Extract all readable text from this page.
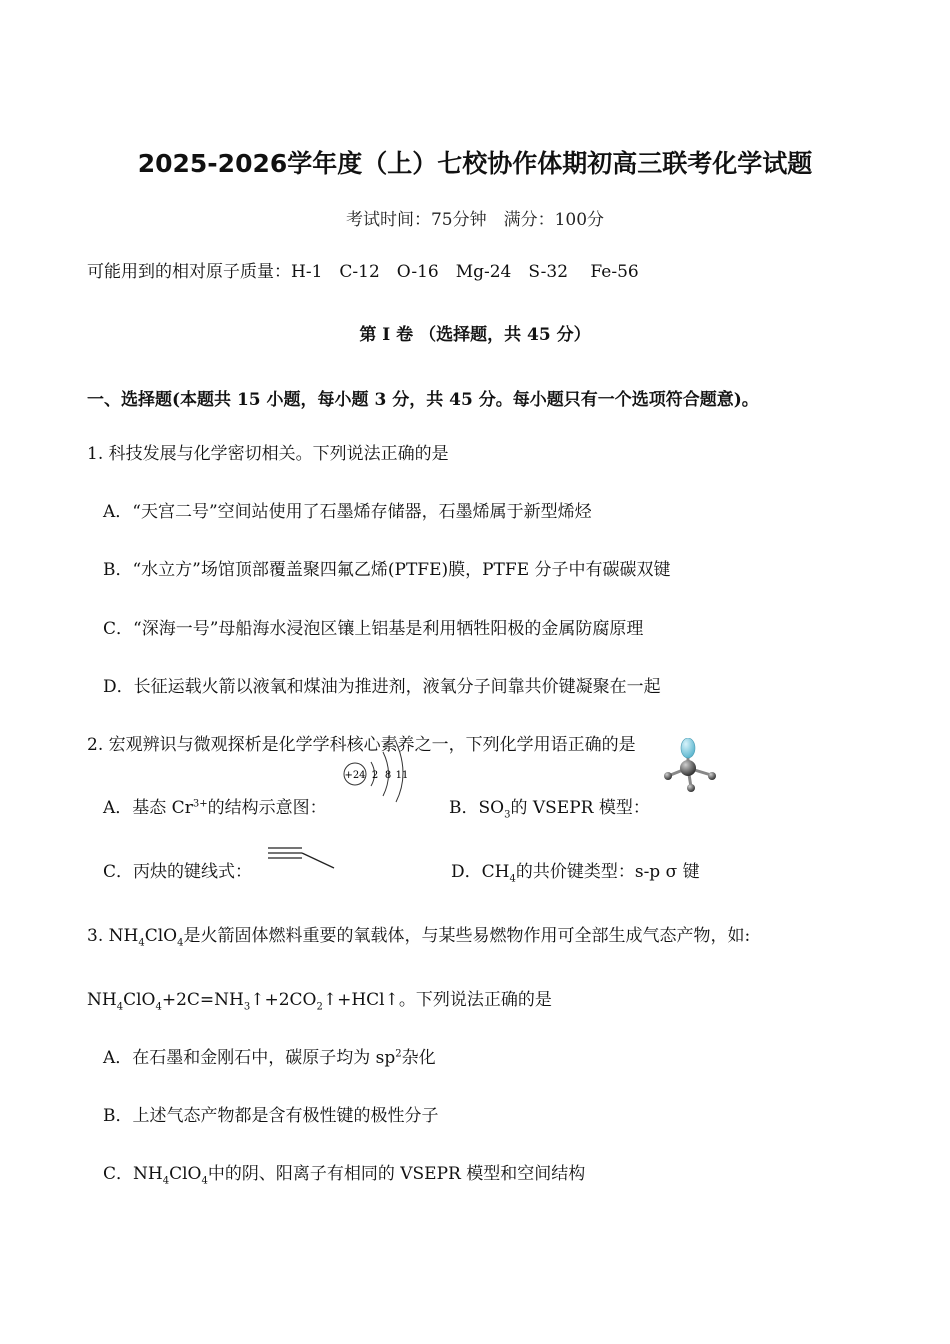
2025-2026学年度（上）七校协作体期初高三联考化学试题
考试时间：75分钟　满分：100分
可能用到的相对原子质量：H-1　C-12　O-16　Mg-24　S-32　 Fe-56
第 I 卷 （选择题，共 45 分）
一、选择题(本题共 15 小题，每小题 3 分，共 45 分。每小题只有一个选项符合题意)。
1. 科技发展与化学密切相关。下列说法正确的是
A．“天宫二号”空间站使用了石墨烯存储器，石墨烯属于新型烯烃
B．“水立方”场馆顶部覆盖聚四氟乙烯(PTFE)膜，PTFE 分子中有碳碳双键
C．“深海一号”母船海水浸泡区镶上铝基是利用牺牲阳极的金属防腐原理
D．长征运载火箭以液氧和煤油为推进剂，液氧分子间靠共价键凝聚在一起
2. 宏观辨识与微观探析是化学学科核心素养之一，下列化学用语正确的是
A．基态 $Cr^{3+}$的结构示意图：
+24 2 8 11
B．$SO_3$的 VSEPR 模型：
C．丙炔的键线式：	D．$CH_4$的共价键类型：s-p σ 键
3. $NH_4ClO_4$是火箭固体燃料重要的氧载体，与某些易燃物作用可全部生成气态产物，如:
$NH_4ClO_4+2C=NH_3↑+2CO_2↑+HCl↑$。下列说法正确的是
A．在石墨和金刚石中，碳原子均为 $sp^2$杂化
B．上述气态产物都是含有极性键的极性分子
C．$NH_4ClO_4$中的阴、阳离子有相同的 VSEPR 模型和空间结构
